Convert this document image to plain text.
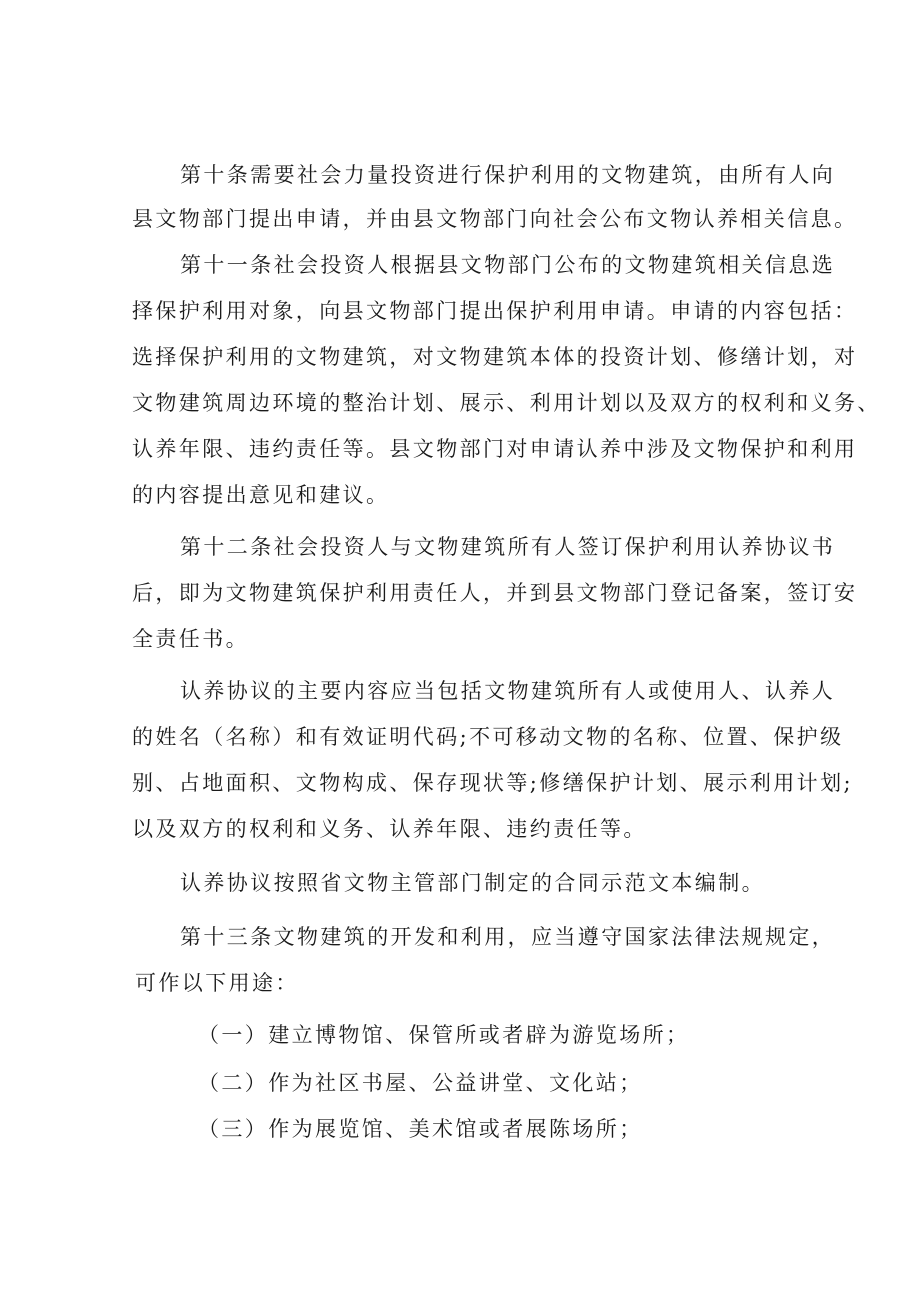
第十条需要社会力量投资进行保护利用的文物建筑，由所有人向
县文物部门提出申请，并由县文物部门向社会公布文物认养相关信息。
第十一条社会投资人根据县文物部门公布的文物建筑相关信息选
择保护利用对象，向县文物部门提出保护利用申请。申请的内容包括：
选择保护利用的文物建筑，对文物建筑本体的投资计划、修缮计划，对
文物建筑周边环境的整治计划、展示、利用计划以及双方的权利和义务、
认养年限、违约责任等。县文物部门对申请认养中涉及文物保护和利用
的内容提出意见和建议。
第十二条社会投资人与文物建筑所有人签订保护利用认养协议书
后，即为文物建筑保护利用责任人，并到县文物部门登记备案，签订安
全责任书。
认养协议的主要内容应当包括文物建筑所有人或使用人、认养人
的姓名（名称）和有效证明代码;不可移动文物的名称、位置、保护级
别、占地面积、文物构成、保存现状等;修缮保护计划、展示利用计划;
以及双方的权利和义务、认养年限、违约责任等。
认养协议按照省文物主管部门制定的合同示范文本编制。
第十三条文物建筑的开发和利用，应当遵守国家法律法规规定，
可作以下用途：
（一）建立博物馆、保管所或者辟为游览场所；
（二）作为社区书屋、公益讲堂、文化站；
（三）作为展览馆、美术馆或者展陈场所；
